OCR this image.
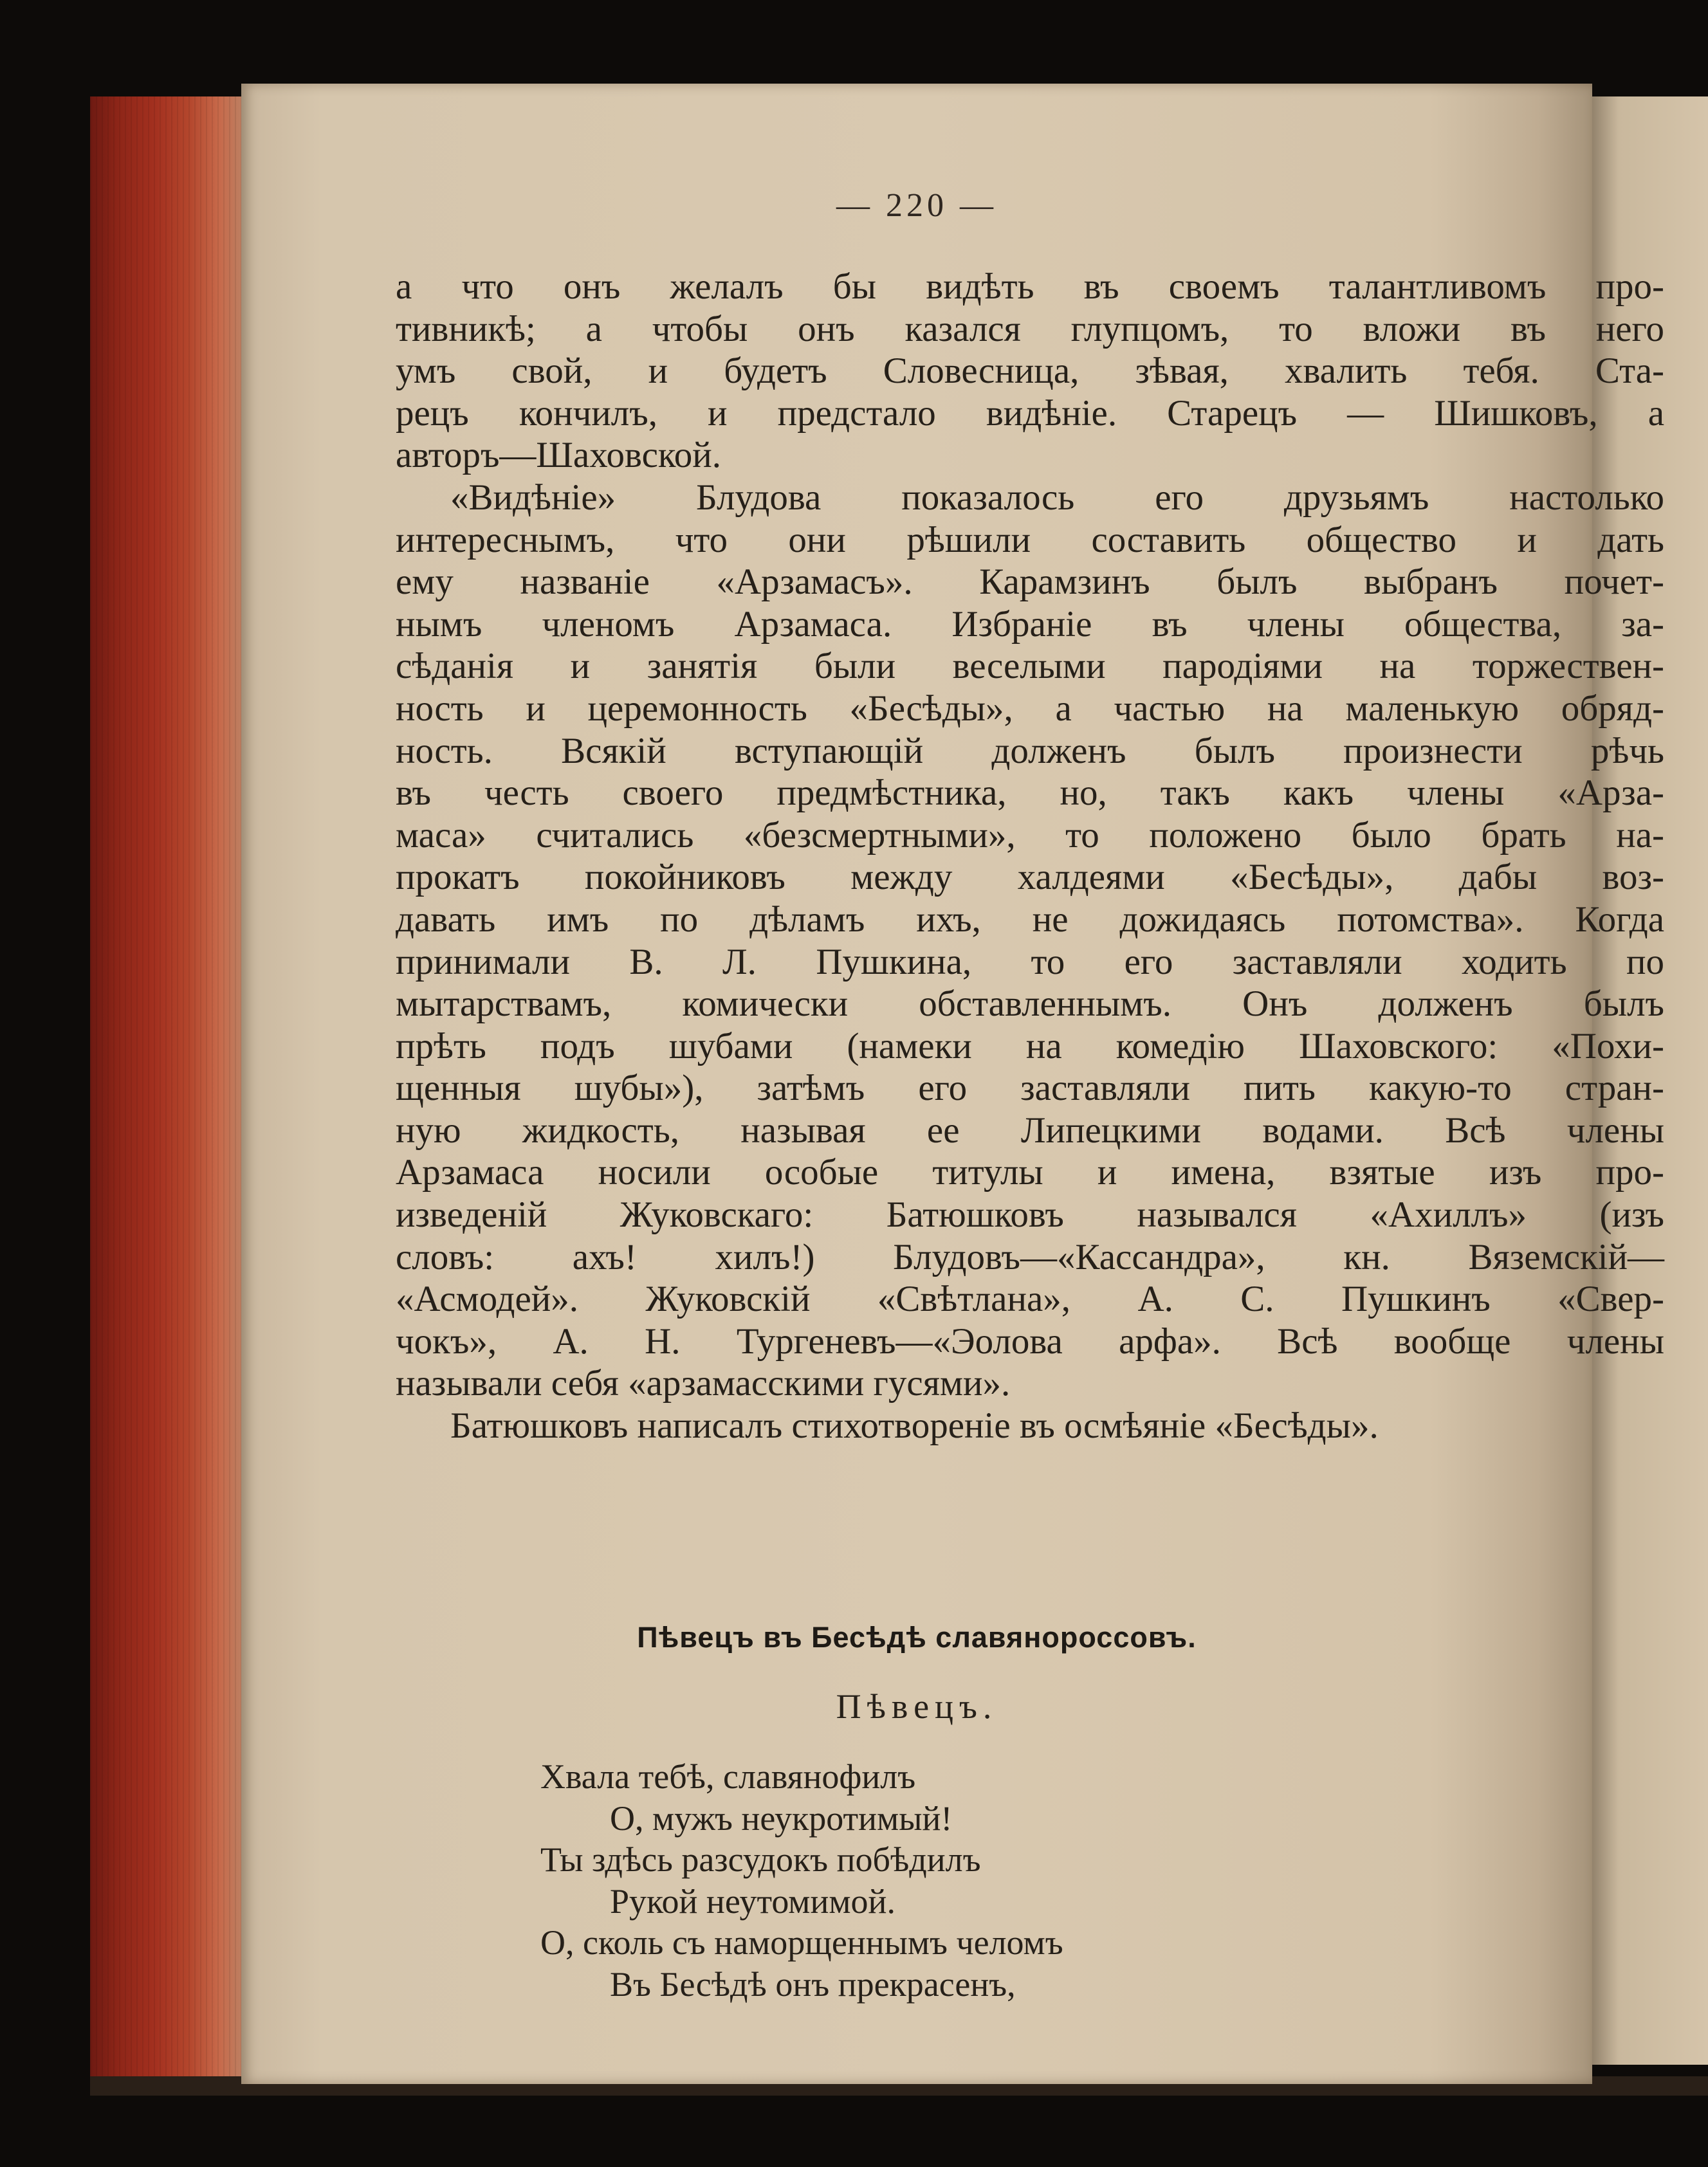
— 220 —
а что онъ желалъ бы видѣть въ своемъ талантливомъ про-
тивникѣ; а чтобы онъ казался глупцомъ, то вложи въ него
умъ свой, и будетъ Словесница, зѣвая, хвалить тебя. Ста-
рецъ кончилъ, и предстало видѣніе. Старецъ — Шишковъ, а
авторъ—Шаховской.
«Видѣніе» Блудова показалось его друзьямъ настолько
интереснымъ, что они рѣшили составить общество и дать
ему названіе «Арзамасъ». Карамзинъ былъ выбранъ почет-
нымъ членомъ Арзамаса. Избраніе въ члены общества, за-
сѣданія и занятія были веселыми пародіями на торжествен-
ность и церемонность «Бесѣды», а частью на маленькую обряд-
ность. Всякій вступающій долженъ былъ произнести рѣчь
въ честь своего предмѣстника, но, такъ какъ члены «Арза-
маса» считались «безсмертными», то положено было брать на-
прокатъ покойниковъ между халдеями «Бесѣды», дабы воз-
давать имъ по дѣламъ ихъ, не дожидаясь потомства». Когда
принимали В. Л. Пушкина, то его заставляли ходить по
мытарствамъ, комически обставленнымъ. Онъ долженъ былъ
прѣть подъ шубами (намеки на комедію Шаховского: «Похи-
щенныя шубы»), затѣмъ его заставляли пить какую-то стран-
ную жидкость, называя ее Липецкими водами. Всѣ члены
Арзамаса носили особые титулы и имена, взятые изъ про-
изведеній Жуковскаго: Батюшковъ назывался «Ахиллъ» (изъ
словъ: ахъ! хилъ!) Блудовъ—«Кассандра», кн. Вяземскій—
«Асмодей». Жуковскій «Свѣтлана», А. С. Пушкинъ «Свер-
чокъ», А. Н. Тургеневъ—«Эолова арфа». Всѣ вообще члены
называли себя «арзамасскими гусями».
Батюшковъ написалъ стихотвореніе въ осмѣяніе «Бесѣды».
Пѣвецъ въ Бесѣдѣ славянороссовъ.
Пѣвецъ.
Хвала тебѣ, славянофилъ
О, мужъ неукротимый!
Ты здѣсь разсудокъ побѣдилъ
Рукой неутомимой.
О, сколь съ наморщеннымъ челомъ
Въ Бесѣдѣ онъ прекрасенъ,
